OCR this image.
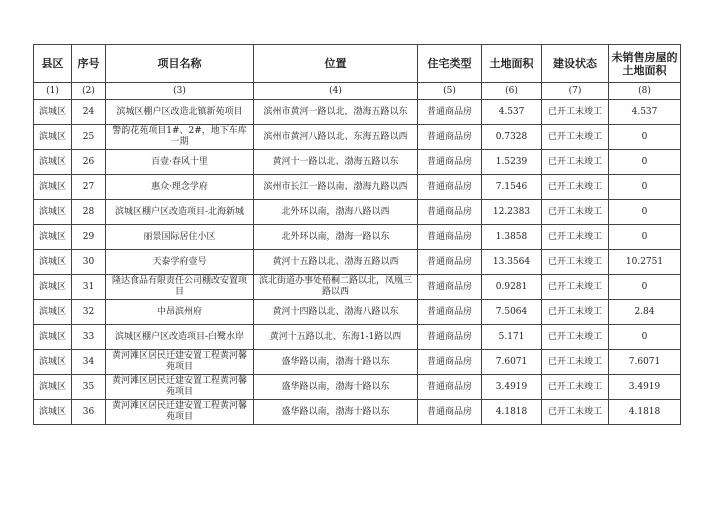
县区	序号	项目名称	位置	住宅类型	土地面积	建设状态	未销售房屋的土地面积
(1)	(2)	(3)	(4)	(5)	(6)	(7)	(8)
滨城区	24	滨城区棚户区改造北镇新苑项目	滨州市黄河一路以北，渤海五路以东	普通商品房	4.537	已开工未竣工	4.537
滨城区	25	警韵花苑项目1#、2#，地下车库一期	滨州市黄河八路以北、东海五路以西	普通商品房	0.7328	已开工未竣工	0
滨城区	26	百壹·春风十里	黄河十一路以北、渤海五路以东	普通商品房	1.5239	已开工未竣工	0
滨城区	27	惠众·理念学府	滨州市长江一路以南、渤海九路以西	普通商品房	7.1546	已开工未竣工	0
滨城区	28	滨城区棚户区改造项目-北海新城	北外环以南，渤海八路以西	普通商品房	12.2383	已开工未竣工	0
滨城区	29	丽景国际居住小区	北外环以南，渤海一路以东	普通商品房	1.3858	已开工未竣工	0
滨城区	30	天泰学府壹号	黄河十五路以北、渤海五路以西	普通商品房	13.3564	已开工未竣工	10.2751
滨城区	31	隆达食品有限责任公司棚改安置项目	滨北街道办事处梧桐二路以北，凤凰三路以西	普通商品房	0.9281	已开工未竣工	0
滨城区	32	中昂滨州府	黄河十四路以北、渤海八路以东	普通商品房	7.5064	已开工未竣工	2.84
滨城区	33	滨城区棚户区改造项目-白鹭水岸	黄河十五路以北、东海1-1路以西	普通商品房	5.171	已开工未竣工	0
滨城区	34	黄河滩区居民迁建安置工程黄河馨苑项目	盛华路以南，渤海十路以东	普通商品房	7.6071	已开工未竣工	7.6071
滨城区	35	黄河滩区居民迁建安置工程黄河馨苑项目	盛华路以南，渤海十路以东	普通商品房	3.4919	已开工未竣工	3.4919
滨城区	36	黄河滩区居民迁建安置工程黄河馨苑项目	盛华路以南，渤海十路以东	普通商品房	4.1818	已开工未竣工	4.1818
